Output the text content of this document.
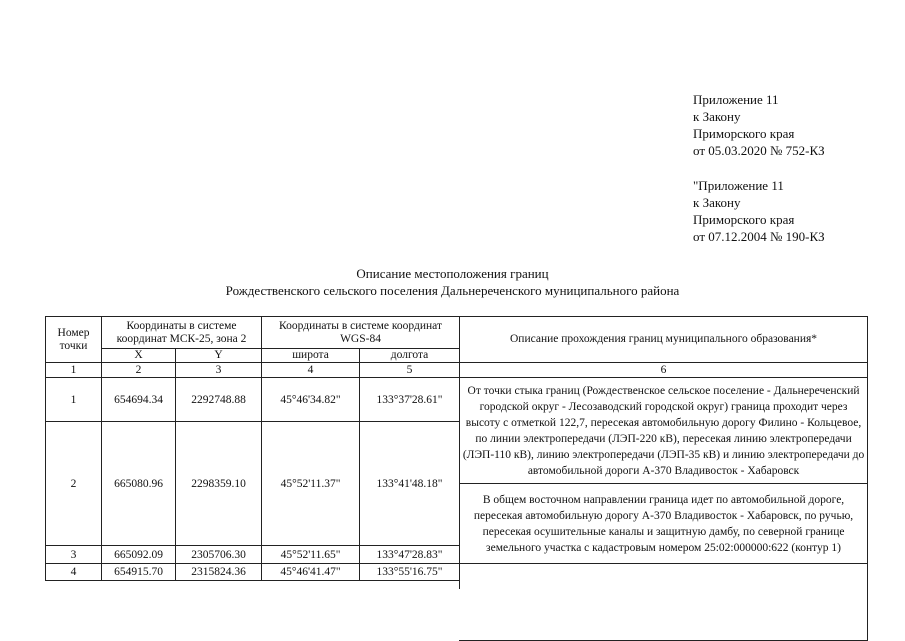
Приложение 11
к Закону
Приморского края
от 05.03.2020 № 752-КЗ
"Приложение 11
к Закону
Приморского края
от 07.12.2004 № 190-КЗ
Описание местоположения границ
Рождественского сельского поселения Дальнереченского муниципального района
Номер точки	Координаты в системе координат МСК-25, зона 2		Координаты в системе координат WGS-84		Описание прохождения границ муниципального образования*
	X	Y	широта	долгота	
1	2	3	4	5	6
1	654694.34	2292748.88	45°46'34.82"	133°37'28.61"	От точки стыка границ (Рождественское сельское поселение - Дальнереченский городской округ - Лесозаводский городской округ) граница проходит через высоту с отметкой 122,7, пересекая автомобильную дорогу Филино - Кольцевое, по линии электропередачи (ЛЭП-220 кВ), пересекая линию электропередачи (ЛЭП-110 кВ), линию электропередачи (ЛЭП-35 кВ) и линию электропередачи до автомобильной дороги А-370 Владивосток - Хабаровск
2	665080.96	2298359.10	45°52'11.37"	133°41'48.18"	
					В общем восточном направлении граница идет по автомобильной дороге, пересекая автомобильную дорогу А-370 Владивосток - Хабаровск, по ручью, пересекая осушительные каналы и защитную дамбу, по северной границе земельного участка с кадастровым номером 25:02:000000:622 (контур 1)
3	665092.09	2305706.30	45°52'11.65"	133°47'28.83"	
4	654915.70	2315824.36	45°46'41.47"	133°55'16.75"	
